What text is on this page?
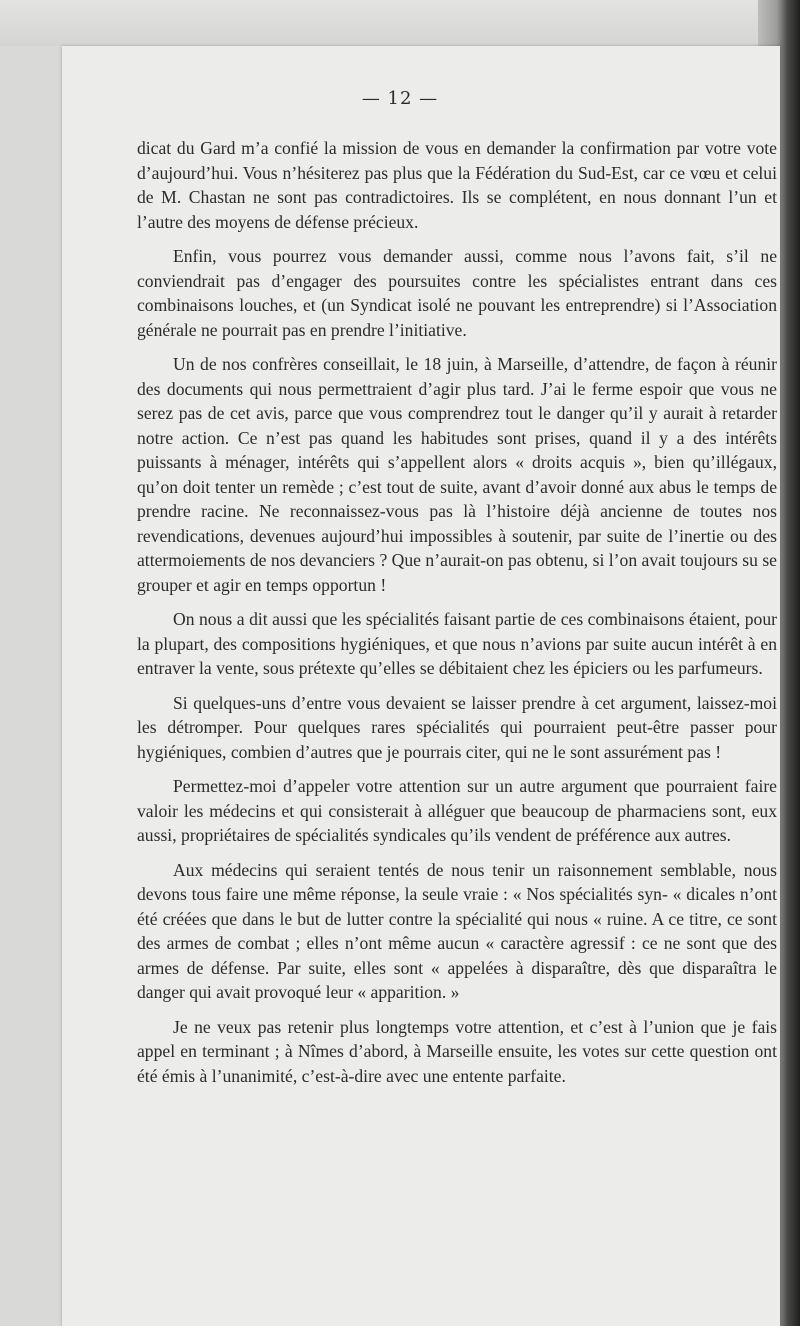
— 12 —

dicat du Gard m’a confié la mission de vous en demander la confirmation par votre vote d’aujourd’hui. Vous n’hésiterez pas plus que la Fédération du Sud-Est, car ce vœu et celui de M. Chastan ne sont pas contradictoires. Ils se complétent, en nous donnant l’un et l’autre des moyens de défense précieux.

Enfin, vous pourrez vous demander aussi, comme nous l’avons fait, s’il ne conviendrait pas d’engager des poursuites contre les spécialistes entrant dans ces combinaisons louches, et (un Syndicat isolé ne pouvant les entreprendre) si l’Association générale ne pourrait pas en prendre l’initiative.

Un de nos confrères conseillait, le 18 juin, à Marseille, d’attendre, de façon à réunir des documents qui nous permettraient d’agir plus tard. J’ai le ferme espoir que vous ne serez pas de cet avis, parce que vous comprendrez tout le danger qu’il y aurait à retarder notre action. Ce n’est pas quand les habitudes sont prises, quand il y a des intérêts puissants à ménager, intérêts qui s’appellent alors « droits acquis », bien qu’illégaux, qu’on doit tenter un remède ; c’est tout de suite, avant d’avoir donné aux abus le temps de prendre racine. Ne reconnaissez-vous pas là l’histoire déjà ancienne de toutes nos revendications, devenues aujourd’hui impossibles à soutenir, par suite de l’inertie ou des attermoiements de nos devanciers ? Que n’aurait-on pas obtenu, si l’on avait toujours su se grouper et agir en temps opportun !

On nous a dit aussi que les spécialités faisant partie de ces combinaisons étaient, pour la plupart, des compositions hygiéniques, et que nous n’avions par suite aucun intérêt à en entraver la vente, sous prétexte qu’elles se débitaient chez les épiciers ou les parfumeurs.

Si quelques-uns d’entre vous devaient se laisser prendre à cet argument, laissez-moi les détromper. Pour quelques rares spécialités qui pourraient peut-être passer pour hygiéniques, combien d’autres que je pourrais citer, qui ne le sont assurément pas !

Permettez-moi d’appeler votre attention sur un autre argument que pourraient faire valoir les médecins et qui consisterait à alléguer que beaucoup de pharmaciens sont, eux aussi, propriétaires de spécialités syndicales qu’ils vendent de préférence aux autres.

Aux médecins qui seraient tentés de nous tenir un raisonnement semblable, nous devons tous faire une même réponse, la seule vraie : « Nos spécialités syn- « dicales n’ont été créées que dans le but de lutter contre la spécialité qui nous « ruine. A ce titre, ce sont des armes de combat ; elles n’ont même aucun « caractère agressif : ce ne sont que des armes de défense. Par suite, elles sont « appelées à disparaître, dès que disparaîtra le danger qui avait provoqué leur « apparition. »

Je ne veux pas retenir plus longtemps votre attention, et c’est à l’union que je fais appel en terminant ; à Nîmes d’abord, à Marseille ensuite, les votes sur cette question ont été émis à l’unanimité, c’est-à-dire avec une entente parfaite.
